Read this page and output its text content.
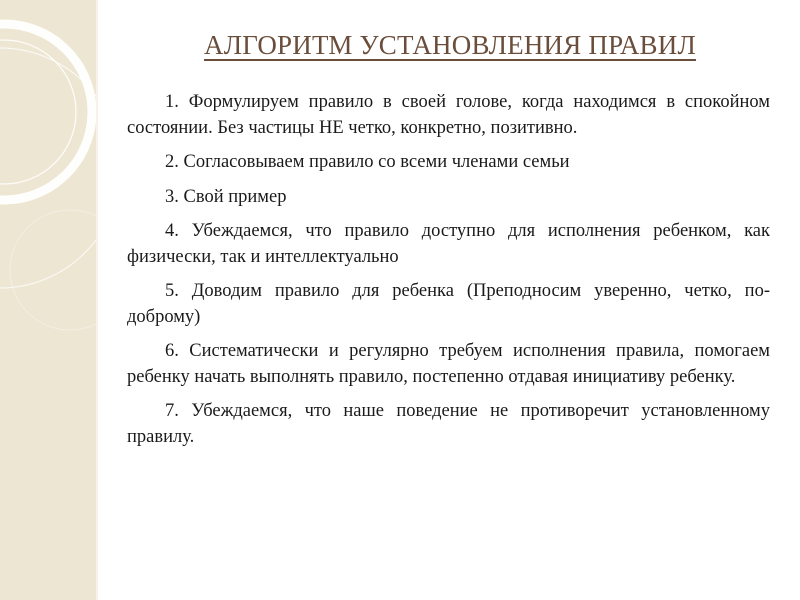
АЛГОРИТМ УСТАНОВЛЕНИЯ ПРАВИЛ

1. Формулируем правило в своей голове, когда находимся в спокойном состоянии. Без частицы НЕ четко, конкретно, позитивно.

2. Согласовываем правило со всеми членами семьи

3. Свой пример

4. Убеждаемся, что правило доступно для исполнения ребенком, как физически, так и интеллектуально

5. Доводим правило для ребенка (Преподносим уверенно, четко, по-доброму)

6. Систематически и регулярно требуем исполнения правила, помогаем ребенку начать выполнять правило, постепенно отдавая инициативу ребенку.

7. Убеждаемся, что наше поведение не противоречит установленному правилу.
